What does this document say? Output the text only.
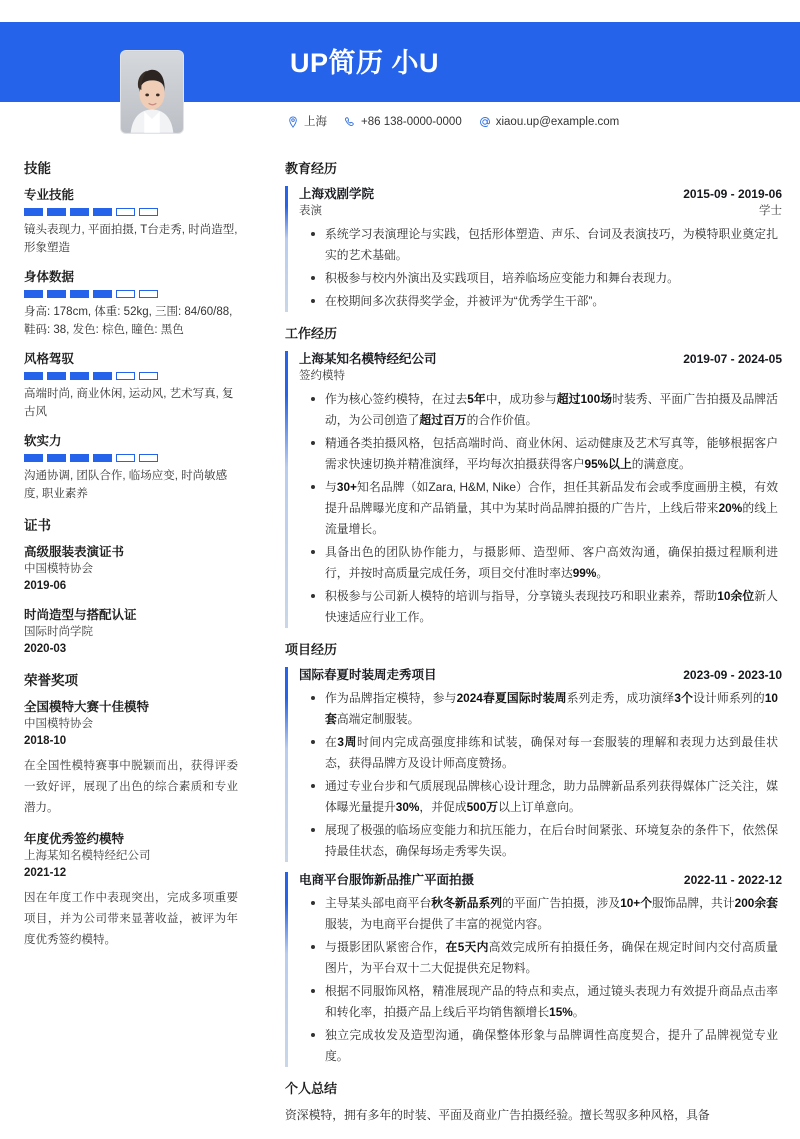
UP简历 小U
上海	+86 138-0000-0000	xiaou.up@example.com
技能
专业技能
镜头表现力, 平面拍摄, T台走秀, 时尚造型, 形象塑造
身体数据
身高: 178cm, 体重: 52kg, 三围: 84/60/88, 鞋码: 38, 发色: 棕色, 瞳色: 黑色
风格驾驭
高端时尚, 商业休闲, 运动风, 艺术写真, 复古风
软实力
沟通协调, 团队合作, 临场应变, 时尚敏感度, 职业素养
证书
高级服装表演证书
中国模特协会
2019-06
时尚造型与搭配认证
国际时尚学院
2020-03
荣誉奖项
全国模特大赛十佳模特
中国模特协会
2018-10
在全国性模特赛事中脱颖而出，获得评委一致好评，展现了出色的综合素质和专业潜力。
年度优秀签约模特
上海某知名模特经纪公司
2021-12
因在年度工作中表现突出，完成多项重要项目，并为公司带来显著收益，被评为年度优秀签约模特。
教育经历
上海戏剧学院	2015-09 - 2019-06
表演	学士
系统学习表演理论与实践，包括形体塑造、声乐、台词及表演技巧，为模特职业奠定扎实的艺术基础。
积极参与校内外演出及实践项目，培养临场应变能力和舞台表现力。
在校期间多次获得奖学金，并被评为“优秀学生干部”。
工作经历
上海某知名模特经纪公司	2019-07 - 2024-05
签约模特
作为核心签约模特，在过去5年中，成功参与超过100场时装秀、平面广告拍摄及品牌活动，为公司创造了超过百万的合作价值。
精通各类拍摄风格，包括高端时尚、商业休闲、运动健康及艺术写真等，能够根据客户需求快速切换并精准演绎，平均每次拍摄获得客户95%以上的满意度。
与30+知名品牌（如Zara, H&M, Nike）合作，担任其新品发布会或季度画册主模，有效提升品牌曝光度和产品销量，其中为某时尚品牌拍摄的广告片，上线后带来20%的线上流量增长。
具备出色的团队协作能力，与摄影师、造型师、客户高效沟通，确保拍摄过程顺利进行，并按时高质量完成任务，项目交付准时率达99%。
积极参与公司新人模特的培训与指导，分享镜头表现技巧和职业素养，帮助10余位新人快速适应行业工作。
项目经历
国际春夏时装周走秀项目	2023-09 - 2023-10
作为品牌指定模特，参与2024春夏国际时装周系列走秀，成功演绎3个设计师系列的10套高端定制服装。
在3周时间内完成高强度排练和试装，确保对每一套服装的理解和表现力达到最佳状态，获得品牌方及设计师高度赞扬。
通过专业台步和气质展现品牌核心设计理念，助力品牌新品系列获得媒体广泛关注，媒体曝光量提升30%，并促成500万以上订单意向。
展现了极强的临场应变能力和抗压能力，在后台时间紧张、环境复杂的条件下，依然保持最佳状态，确保每场走秀零失误。
电商平台服饰新品推广平面拍摄	2022-11 - 2022-12
主导某头部电商平台秋冬新品系列的平面广告拍摄，涉及10+个服饰品牌，共计200余套服装，为电商平台提供了丰富的视觉内容。
与摄影团队紧密合作，在5天内高效完成所有拍摄任务，确保在规定时间内交付高质量图片，为平台双十二大促提供充足物料。
根据不同服饰风格，精准展现产品的特点和卖点，通过镜头表现力有效提升商品点击率和转化率，拍摄产品上线后平均销售额增长15%。
独立完成妆发及造型沟通，确保整体形象与品牌调性高度契合，提升了品牌视觉专业度。
个人总结

资深模特，拥有多年的时装、平面及商业广告拍摄经验。擅长驾驭多种风格，具备
